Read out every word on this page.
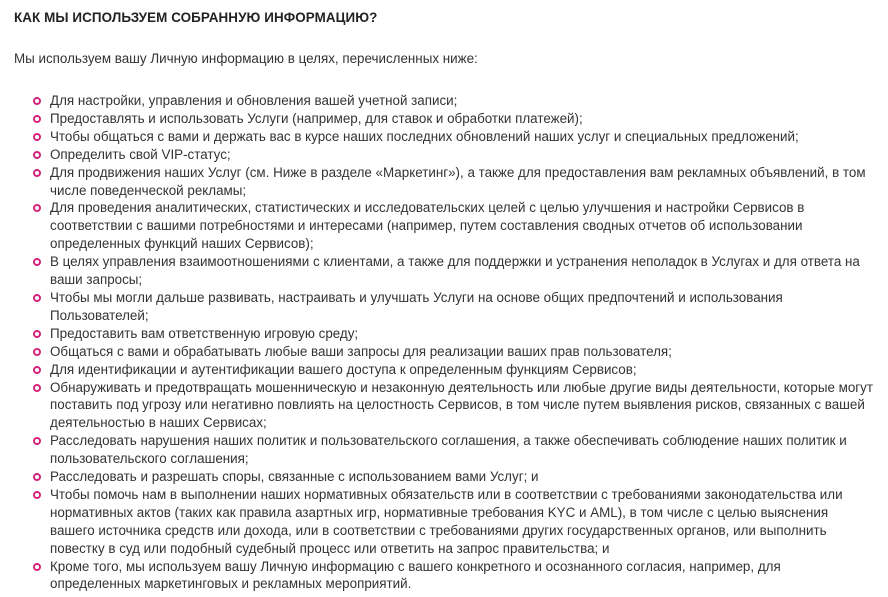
КАК МЫ ИСПОЛЬЗУЕМ СОБРАННУЮ ИНФОРМАЦИЮ?

Мы используем вашу Личную информацию в целях, перечисленных ниже:

Для настройки, управления и обновления вашей учетной записи;
Предоставлять и использовать Услуги (например, для ставок и обработки платежей);
Чтобы общаться с вами и держать вас в курсе наших последних обновлений наших услуг и специальных предложений;
Определить свой VIP-статус;
Для продвижения наших Услуг (см. Ниже в разделе «Маркетинг»), а также для предоставления вам рекламных объявлений, в том числе поведенческой рекламы;
Для проведения аналитических, статистических и исследовательских целей с целью улучшения и настройки Сервисов в соответствии с вашими потребностями и интересами (например, путем составления сводных отчетов об использовании определенных функций наших Сервисов);
В целях управления взаимоотношениями с клиентами, а также для поддержки и устранения неполадок в Услугах и для ответа на ваши запросы;
Чтобы мы могли дальше развивать, настраивать и улучшать Услуги на основе общих предпочтений и использования Пользователей;
Предоставить вам ответственную игровую среду;
Общаться с вами и обрабатывать любые ваши запросы для реализации ваших прав пользователя;
Для идентификации и аутентификации вашего доступа к определенным функциям Сервисов;
Обнаруживать и предотвращать мошенническую и незаконную деятельность или любые другие виды деятельности, которые могут поставить под угрозу или негативно повлиять на целостность Сервисов, в том числе путем выявления рисков, связанных с вашей деятельностью в наших Сервисах;
Расследовать нарушения наших политик и пользовательского соглашения, а также обеспечивать соблюдение наших политик и пользовательского соглашения;
Расследовать и разрешать споры, связанные с использованием вами Услуг; и
Чтобы помочь нам в выполнении наших нормативных обязательств или в соответствии с требованиями законодательства или нормативных актов (таких как правила азартных игр, нормативные требования KYC и AML), в том числе с целью выяснения вашего источника средств или дохода, или в соответствии с требованиями других государственных органов, или выполнить повестку в суд или подобный судебный процесс или ответить на запрос правительства; и
Кроме того, мы используем вашу Личную информацию с вашего конкретного и осознанного согласия, например, для определенных маркетинговых и рекламных мероприятий.
